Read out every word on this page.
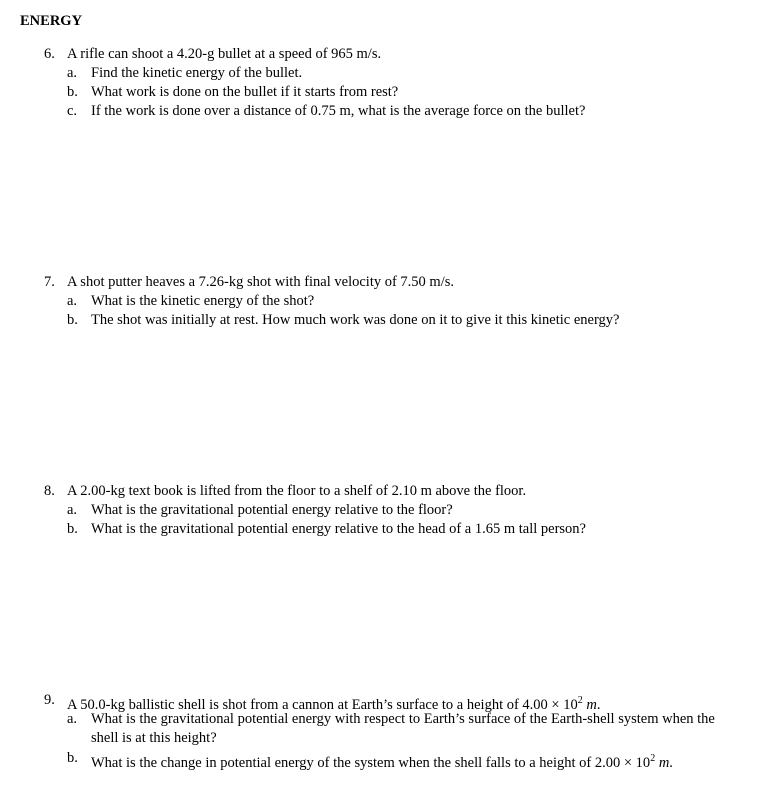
ENERGY
6. A rifle can shoot a 4.20-g bullet at a speed of 965 m/s.
a. Find the kinetic energy of the bullet.
b. What work is done on the bullet if it starts from rest?
c. If the work is done over a distance of 0.75 m, what is the average force on the bullet?
7. A shot putter heaves a 7.26-kg shot with final velocity of 7.50 m/s.
a. What is the kinetic energy of the shot?
b. The shot was initially at rest. How much work was done on it to give it this kinetic energy?
8. A 2.00-kg text book is lifted from the floor to a shelf of 2.10 m above the floor.
a. What is the gravitational potential energy relative to the floor?
b. What is the gravitational potential energy relative to the head of a 1.65 m tall person?
9. A 50.0-kg ballistic shell is shot from a cannon at Earth’s surface to a height of $4.00 \times 10^2$ m.
a. What is the gravitational potential energy with respect to Earth’s surface of the Earth-shell system when the shell is at this height?
b. What is the change in potential energy of the system when the shell falls to a height of $2.00 \times 10^2$ m.
